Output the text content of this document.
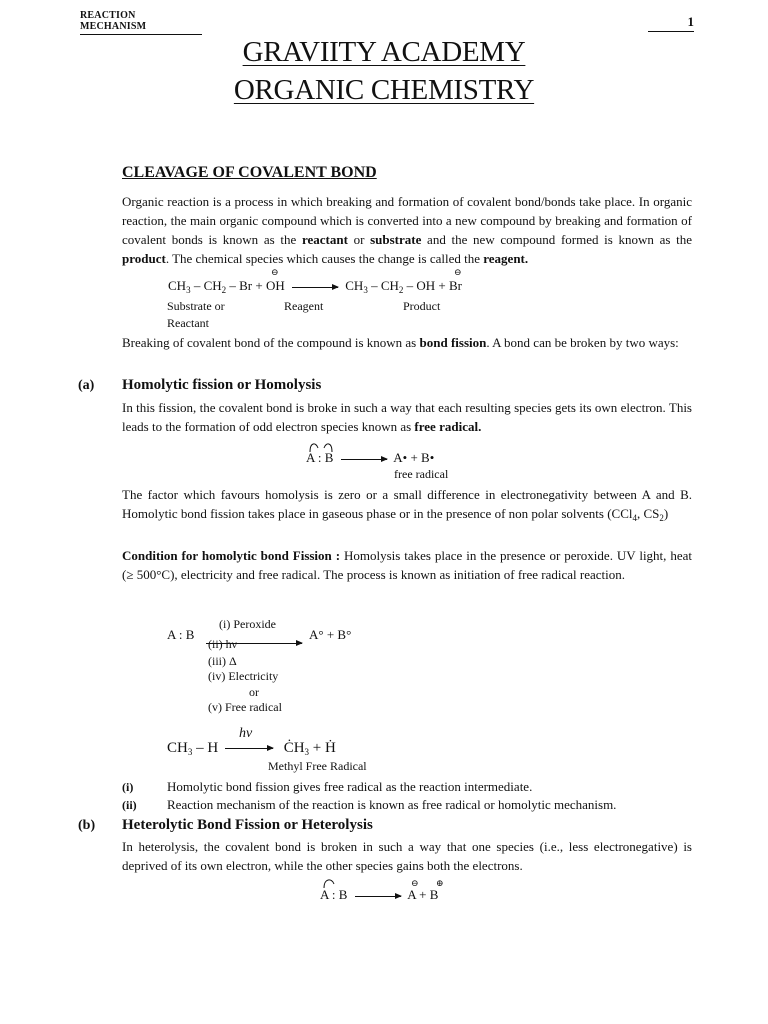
REACTION MECHANISM	1
GRAVIITY ACADEMY
ORGANIC CHEMISTRY
CLEAVAGE OF COVALENT BOND
Organic reaction is a process in which breaking and formation of covalent bond/bonds take place. In organic reaction, the main organic compound which is converted into a new compound by breaking and formation of covalent bonds is known as the reactant or substrate and the new compound formed is known as the product. The chemical species which causes the change is called the reagent.
$CH_3 - CH_2$ – Br +
⊖
OH → $CH_3 - CH_2$ – OH +
⊖
Br
Substrate or
Reactant
Reagent	Product
Breaking of covalent bond of the compound is known as bond fission. A bond can be broken by two ways:
(a) Homolytic fission or Homolysis
In this fission, the covalent bond is broke in such a way that each resulting species gets its own electron. This leads to the formation of odd electron species known as free radical.
A : B	A• + B•
free radical
The factor which favours homolysis is zero or a small difference in electronegativity between A and B. Homolytic bond fission takes place in gaseous phase or in the presence of non polar solvents (CCl$_4$, $CS_2$)
Condition for homolytic bond Fission : Homolysis takes place in the presence or peroxide. UV light, heat (≥ 500°C), electricity and free radical. The process is known as initiation of free radical reaction.
A : B
(i) Peroxide
A° + B°
(ii) hν
(iii) Δ
(iv) Electricity
or
(v) Free radical
$CH_3$ – H
hν
$ĊH_3$ + Ḣ
Methyl Free Radical
(i)	Homolytic bond fission gives free radical as the reaction intermediate.
(ii) Reaction mechanism of the reaction is known as free radical or homolytic mechanism.
(b) Heterolytic Bond Fission or Heterolysis
In heterolysis, the covalent bond is broken in such a way that one species (i.e., less electronegative) is deprived of its own electron, while the other species gains both the electrons.
A : B	A + B
⊖ ⊕
